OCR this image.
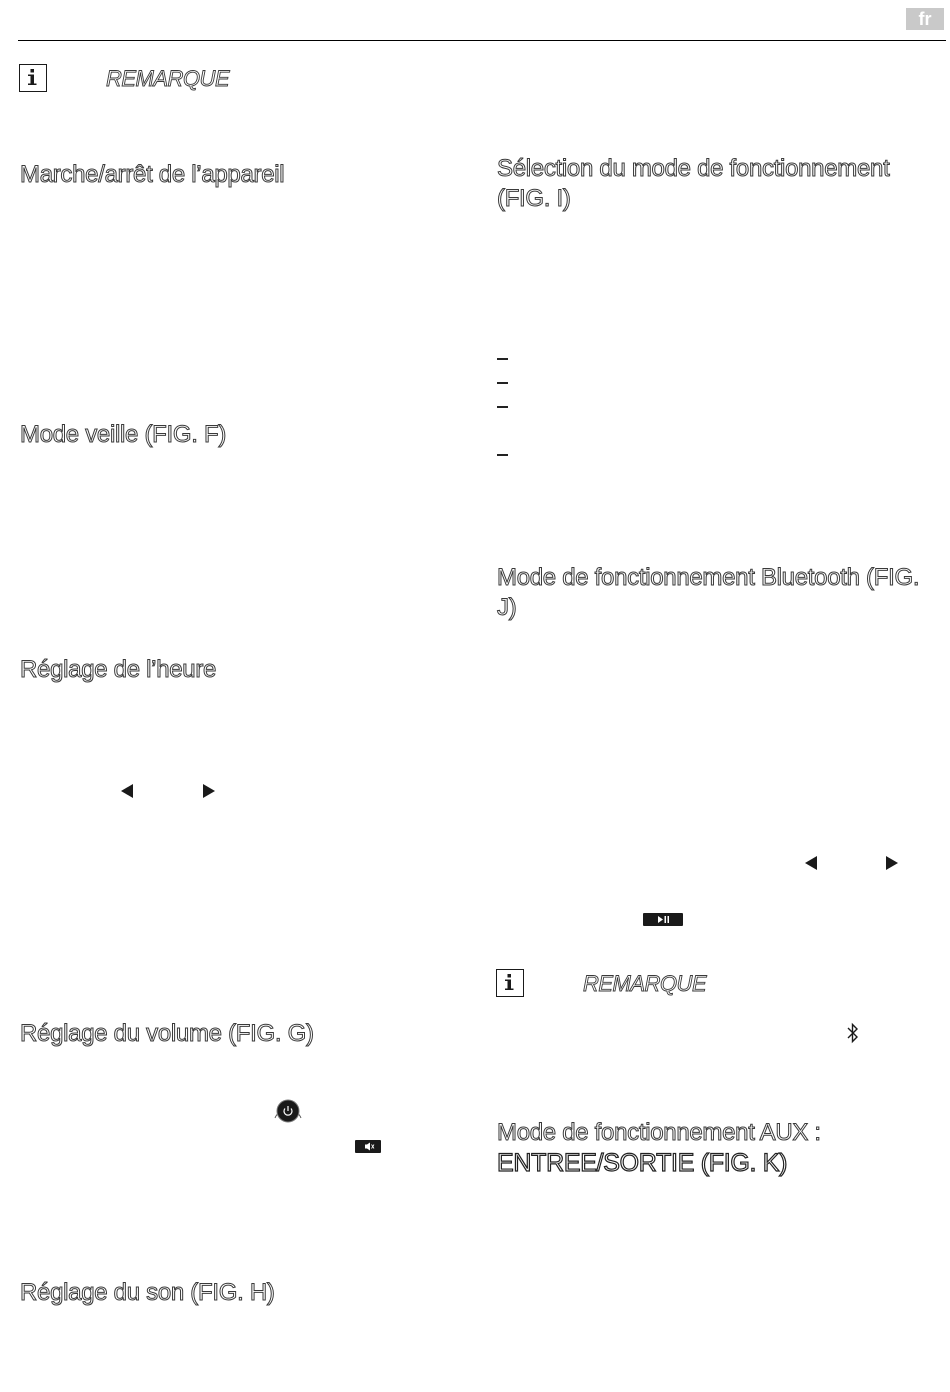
fr
REMARQUE
Marche/arrêt de l’appareil
Mode veille (FIG. F)
Réglage de l’heure
Réglage du volume (FIG. G)
Réglage du son (FIG. H)
Sélection du mode de fonctionnement (FIG. I)
Mode de fonctionnement Bluetooth (FIG. J)
REMARQUE
Mode de fonctionnement AUX :
ENTREE/SORTIE (FIG. K)
